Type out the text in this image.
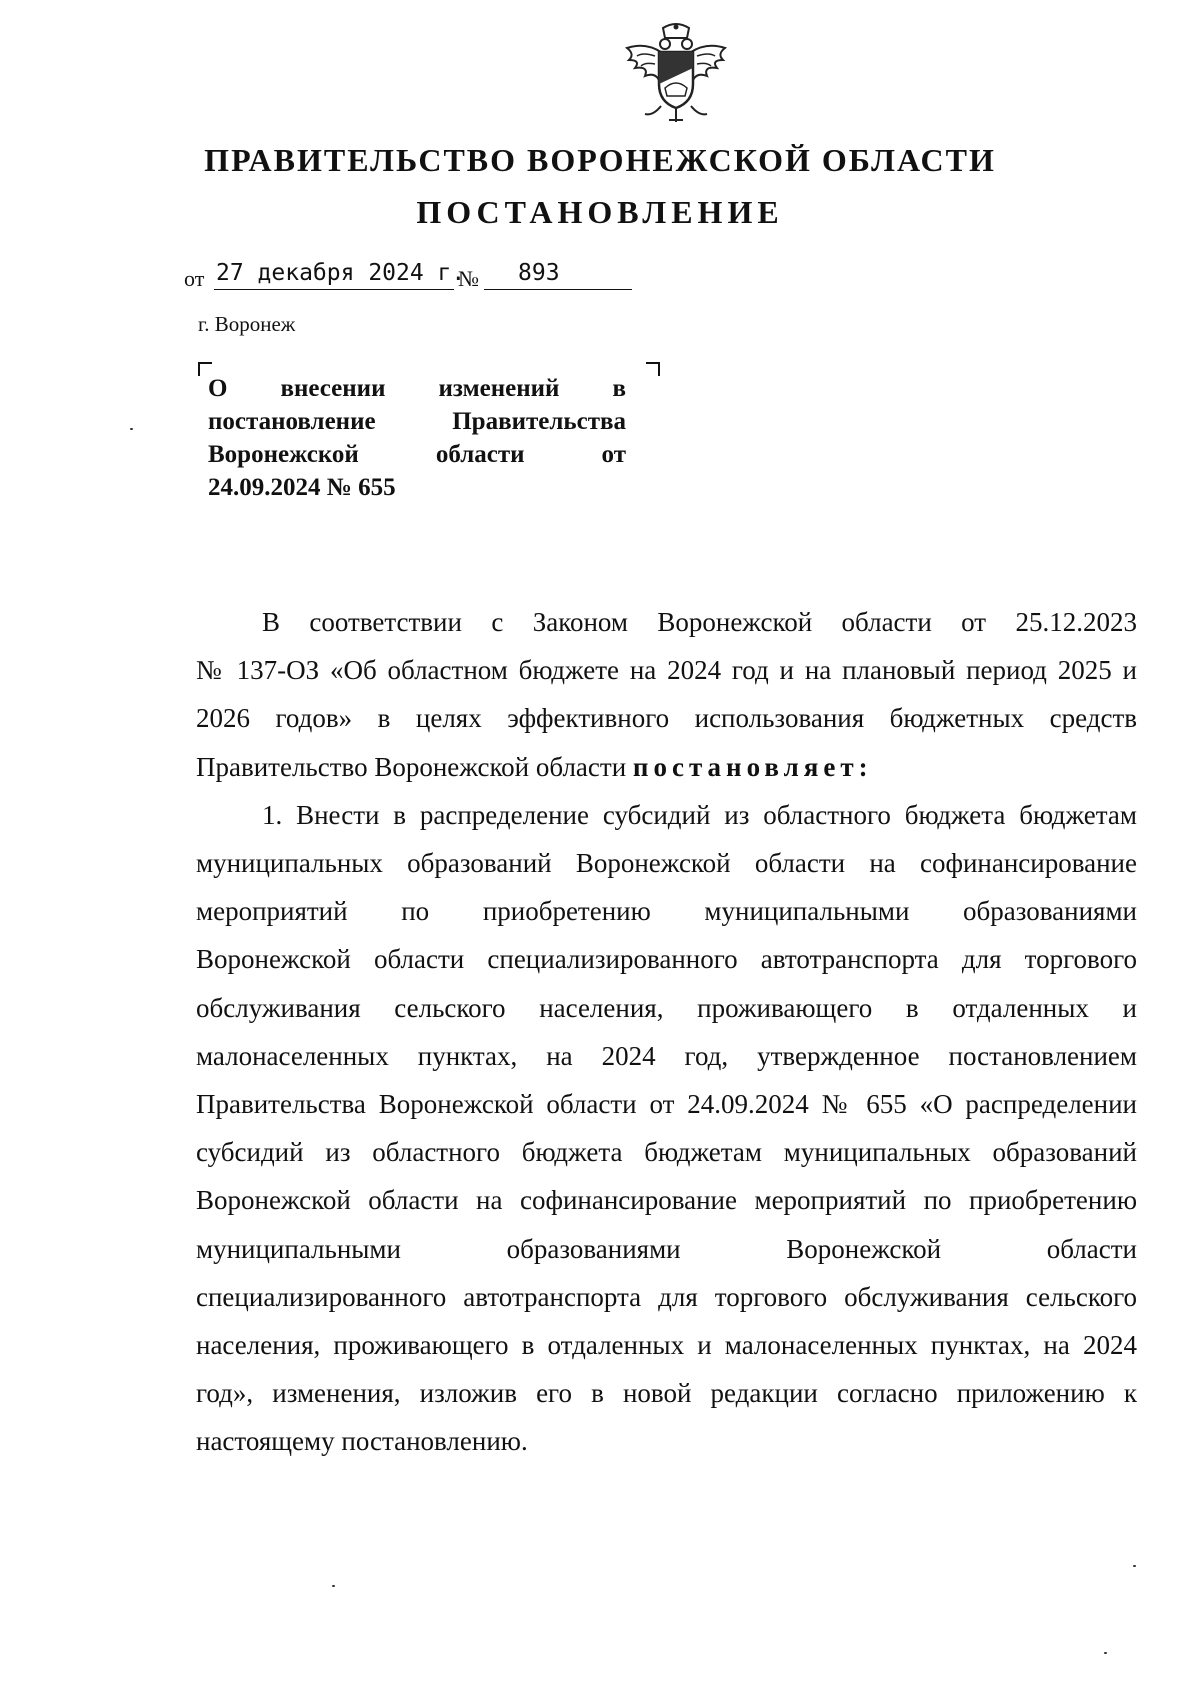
ПРАВИТЕЛЬСТВО ВОРОНЕЖСКОЙ ОБЛАСТИ
ПОСТАНОВЛЕНИЕ
от 27 декабря 2024 г.
№ 893
г. Воронеж
О внесении изменений в
постановление Правительства
Воронежской области от
24.09.2024 № 655
В соответствии с Законом Воронежской области от 25.12.2023
№ 137-ОЗ «Об областном бюджете на 2024 год и на плановый период 2025 и
2026 годов» в целях эффективного использования бюджетных средств
Правительство Воронежской области постановляет:
1. Внести в распределение субсидий из областного бюджета бюджетам
муниципальных образований Воронежской области на софинансирование
мероприятий по приобретению муниципальными образованиями
Воронежской области специализированного автотранспорта для торгового
обслуживания сельского населения, проживающего в отдаленных и
малонаселенных пунктах, на 2024 год, утвержденное постановлением
Правительства Воронежской области от 24.09.2024 № 655 «О распределении
субсидий из областного бюджета бюджетам муниципальных образований
Воронежской области на софинансирование мероприятий по приобретению
муниципальными образованиями Воронежской области
специализированного автотранспорта для торгового обслуживания сельского
населения, проживающего в отдаленных и малонаселенных пунктах, на 2024
год», изменения, изложив его в новой редакции согласно приложению к
настоящему постановлению.
